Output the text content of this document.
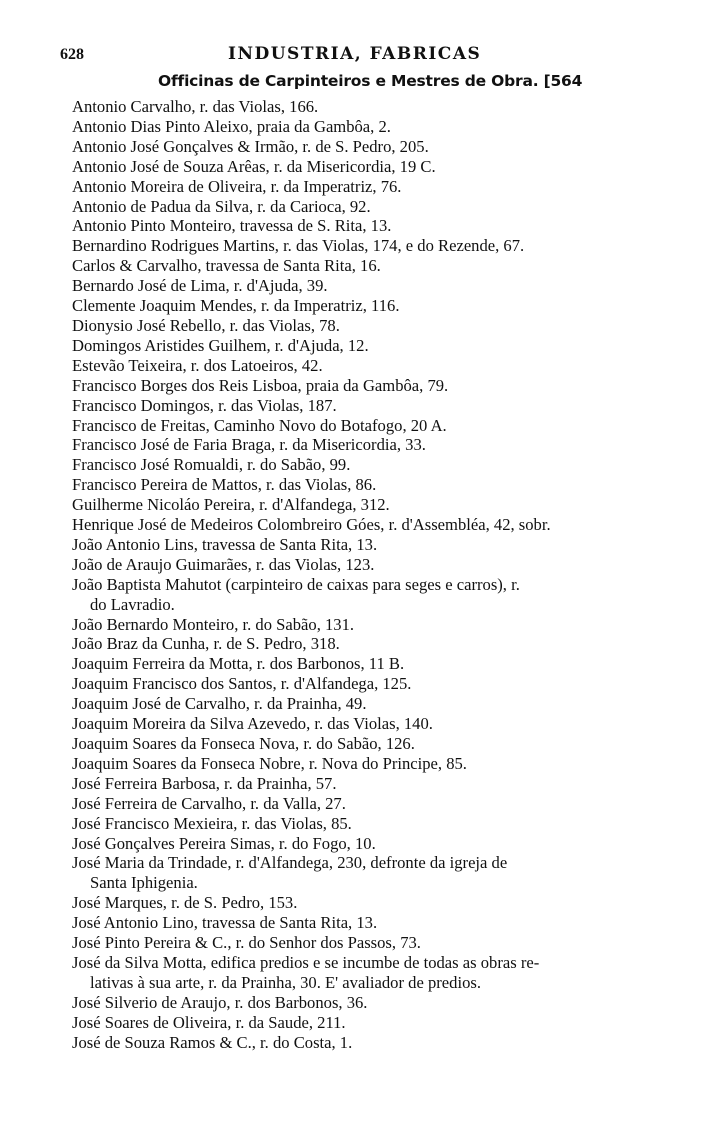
628	INDUSTRIA, FABRICAS
Officinas de Carpinteiros e Mestres de Obra. [564
Antonio Carvalho, r. das Violas, 166.
Antonio Dias Pinto Aleixo, praia da Gambôa, 2.
Antonio José Gonçalves & Irmão, r. de S. Pedro, 205.
Antonio José de Souza Arêas, r. da Misericordia, 19 C.
Antonio Moreira de Oliveira, r. da Imperatriz, 76.
Antonio de Padua da Silva, r. da Carioca, 92.
Antonio Pinto Monteiro, travessa de S. Rita, 13.
Bernardino Rodrigues Martins, r. das Violas, 174, e do Rezende, 67.
Carlos & Carvalho, travessa de Santa Rita, 16.
Bernardo José de Lima, r. d'Ajuda, 39.
Clemente Joaquim Mendes, r. da Imperatriz, 116.
Dionysio José Rebello, r. das Violas, 78.
Domingos Aristides Guilhem, r. d'Ajuda, 12.
Estevão Teixeira, r. dos Latoeiros, 42.
Francisco Borges dos Reis Lisboa, praia da Gambôa, 79.
Francisco Domingos, r. das Violas, 187.
Francisco de Freitas, Caminho Novo do Botafogo, 20 A.
Francisco José de Faria Braga, r. da Misericordia, 33.
Francisco José Romualdi, r. do Sabão, 99.
Francisco Pereira de Mattos, r. das Violas, 86.
Guilherme Nicoláo Pereira, r. d'Alfandega, 312.
Henrique José de Medeiros Colombreiro Góes, r. d'Assembléa, 42, sobr.
João Antonio Lins, travessa de Santa Rita, 13.
João de Araujo Guimarães, r. das Violas, 123.
João Baptista Mahutot (carpinteiro de caixas para seges e carros), r.
do Lavradio.
João Bernardo Monteiro, r. do Sabão, 131.
João Braz da Cunha, r. de S. Pedro, 318.
Joaquim Ferreira da Motta, r. dos Barbonos, 11 B.
Joaquim Francisco dos Santos, r. d'Alfandega, 125.
Joaquim José de Carvalho, r. da Prainha, 49.
Joaquim Moreira da Silva Azevedo, r. das Violas, 140.
Joaquim Soares da Fonseca Nova, r. do Sabão, 126.
Joaquim Soares da Fonseca Nobre, r. Nova do Principe, 85.
José Ferreira Barbosa, r. da Prainha, 57.
José Ferreira de Carvalho, r. da Valla, 27.
José Francisco Mexieira, r. das Violas, 85.
José Gonçalves Pereira Simas, r. do Fogo, 10.
José Maria da Trindade, r. d'Alfandega, 230, defronte da igreja de
Santa Iphigenia.
José Marques, r. de S. Pedro, 153.
José Antonio Lino, travessa de Santa Rita, 13.
José Pinto Pereira & C., r. do Senhor dos Passos, 73.
José da Silva Motta, edifica predios e se incumbe de todas as obras re-
lativas à sua arte, r. da Prainha, 30. E' avaliador de predios.
José Silverio de Araujo, r. dos Barbonos, 36.
José Soares de Oliveira, r. da Saude, 211.
José de Souza Ramos & C., r. do Costa, 1.
